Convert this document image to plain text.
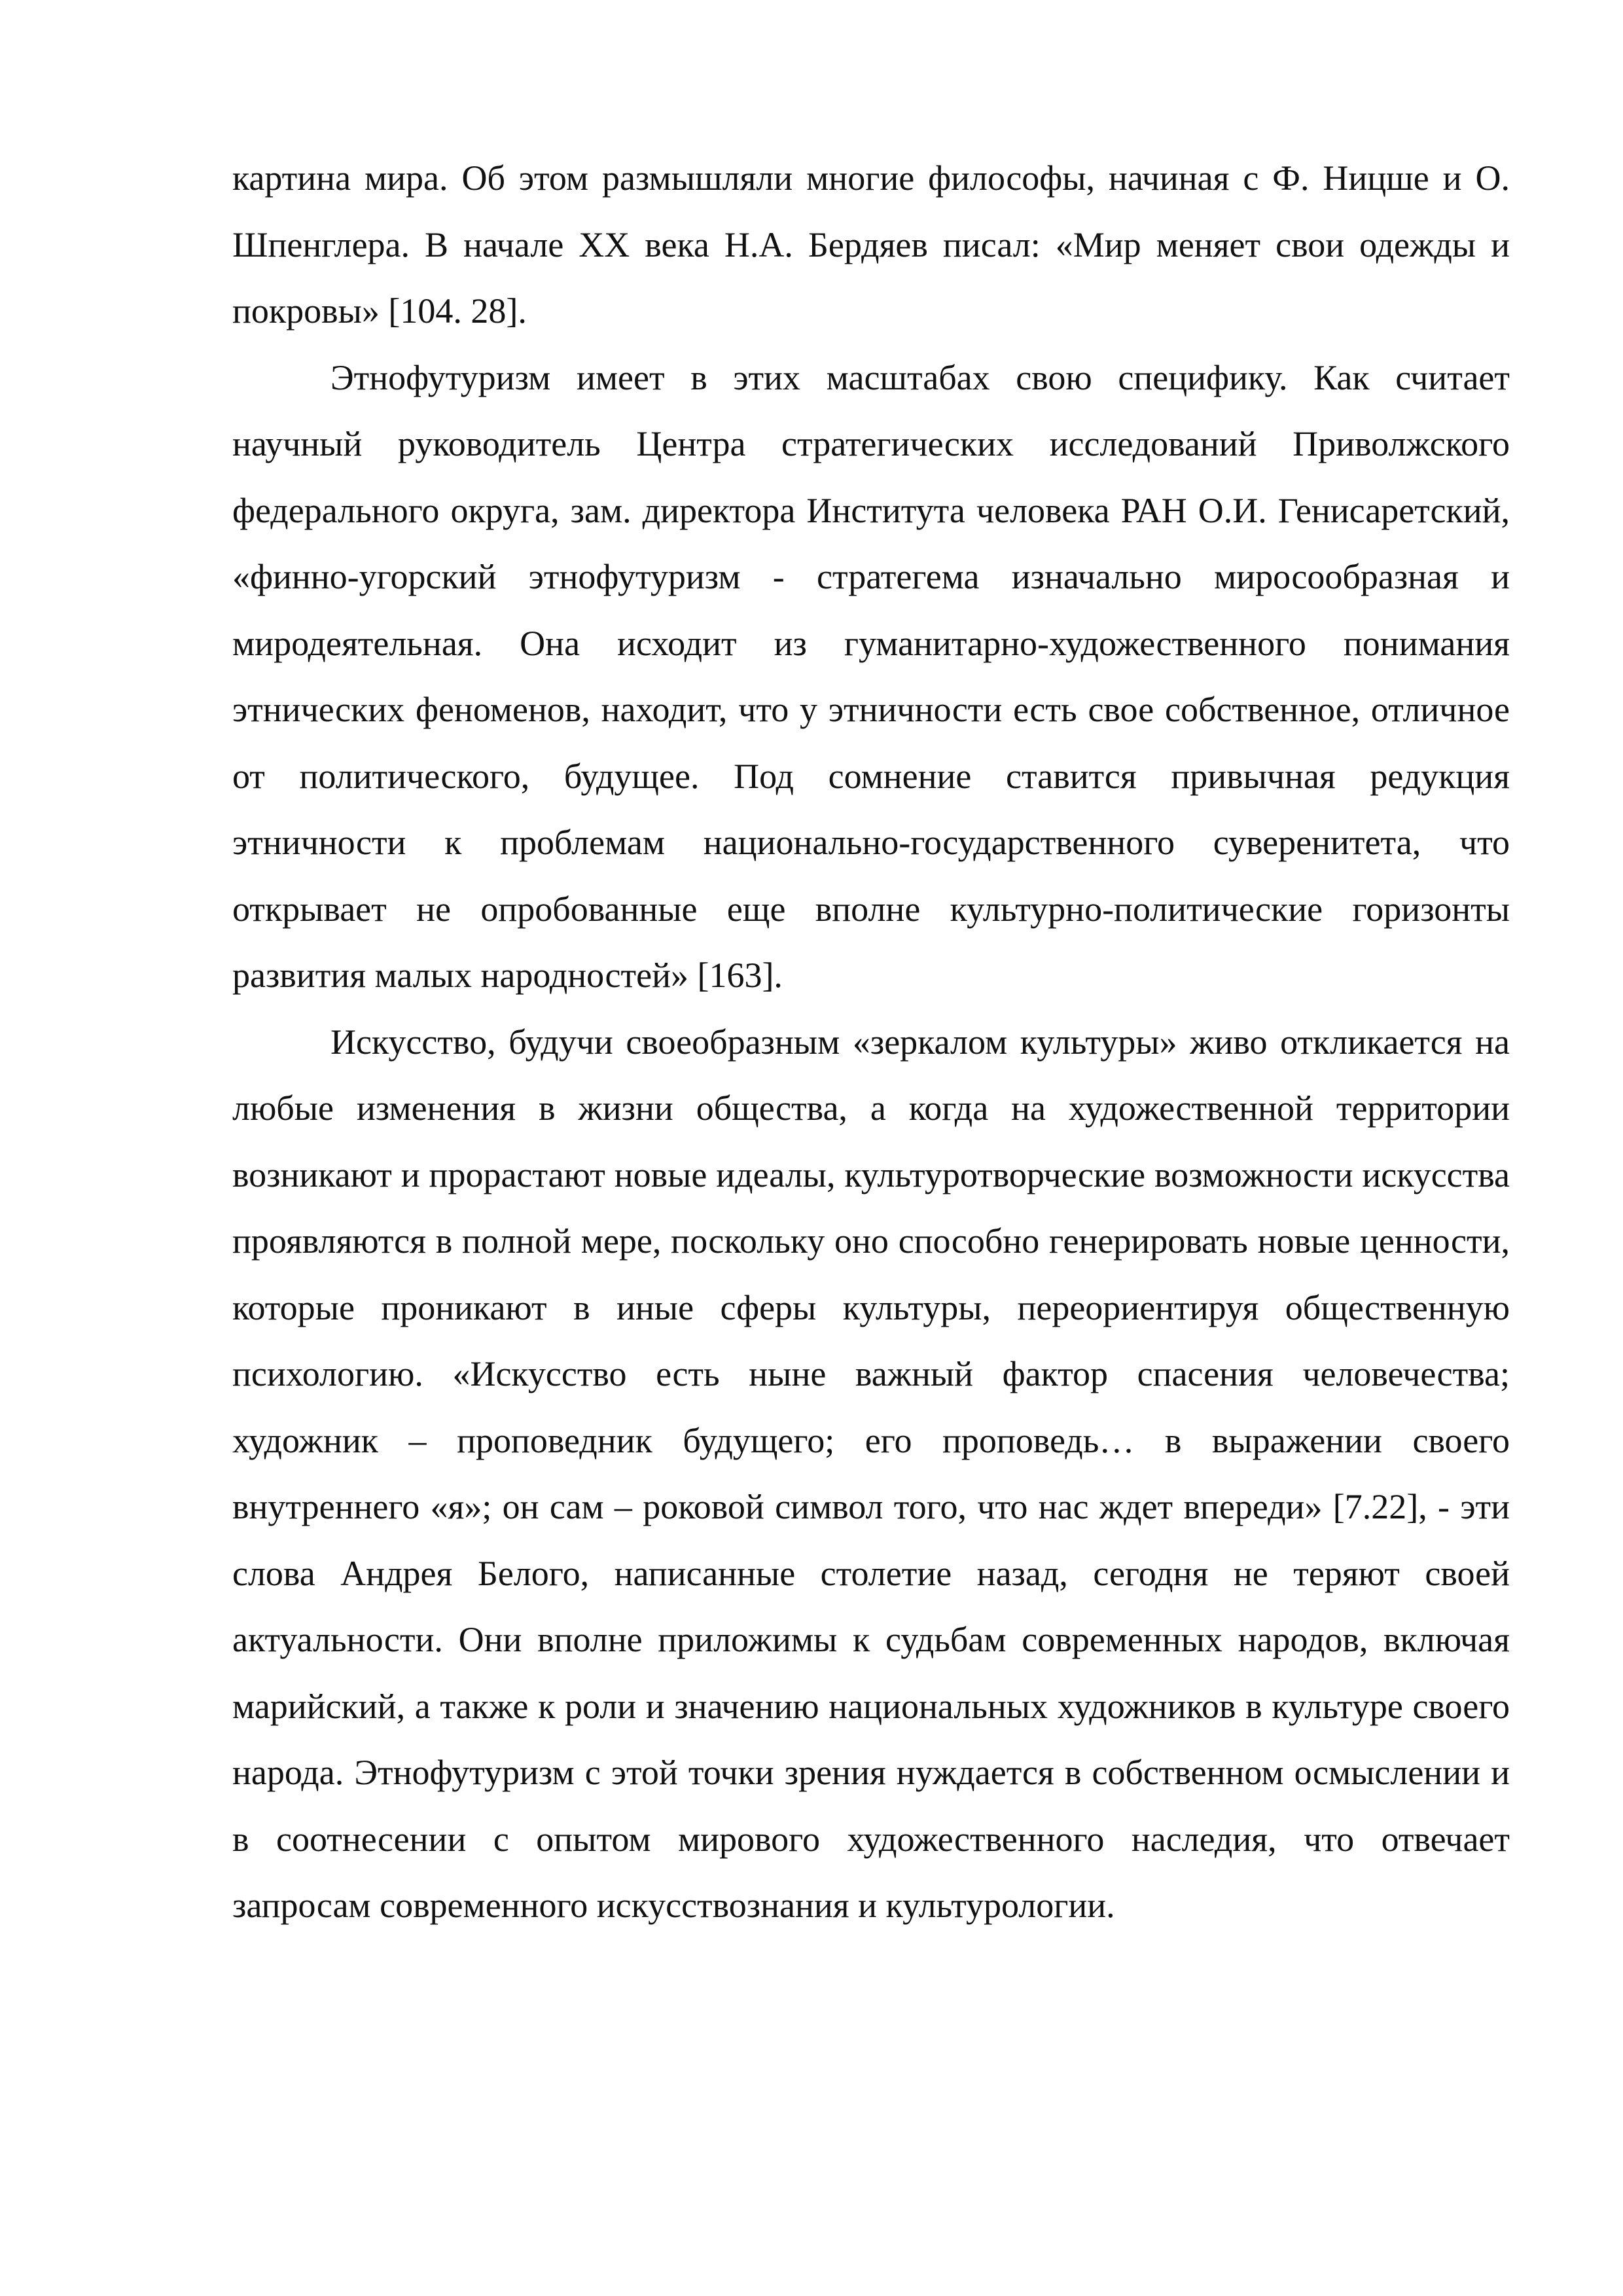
картина мира. Об этом размышляли многие философы, начиная с Ф. Ницше и О. Шпенглера. В начале XX века Н.А. Бердяев писал: «Мир меняет свои одежды и покровы» [104. 28].

Этнофутуризм имеет в этих масштабах свою специфику. Как считает научный руководитель Центра стратегических исследований Приволжского федерального округа, зам. директора Института человека РАН О.И. Генисаретский, «финно-угорский этнофутуризм - стратегема изначально миросообразная и миродеятельная. Она исходит из гуманитарно-художественного понимания этнических феноменов, находит, что у этничности есть свое собственное, отличное от политического, будущее. Под сомнение ставится привычная редукция этничности к проблемам национально-государственного суверенитета, что открывает не опробованные еще вполне культурно-политические горизонты развития малых народностей» [163].

Искусство, будучи своеобразным «зеркалом культуры» живо откликается на любые изменения в жизни общества, а когда на художественной территории возникают и прорастают новые идеалы, культуротворческие возможности искусства проявляются в полной мере, поскольку оно способно генерировать новые ценности, которые проникают в иные сферы культуры, переориентируя общественную психологию. «Искусство есть ныне важный фактор спасения человечества; художник – проповедник будущего; его проповедь… в выражении своего внутреннего «я»; он сам – роковой символ того, что нас ждет впереди» [7.22], - эти слова Андрея Белого, написанные столетие назад, сегодня не теряют своей актуальности. Они вполне приложимы к судьбам современных народов, включая марийский, а также к роли и значению национальных художников в культуре своего народа. Этнофутуризм с этой точки зрения нуждается в собственном осмыслении и в соотнесении с опытом мирового художественного наследия, что отвечает запросам современного искусствознания и культурологии.
